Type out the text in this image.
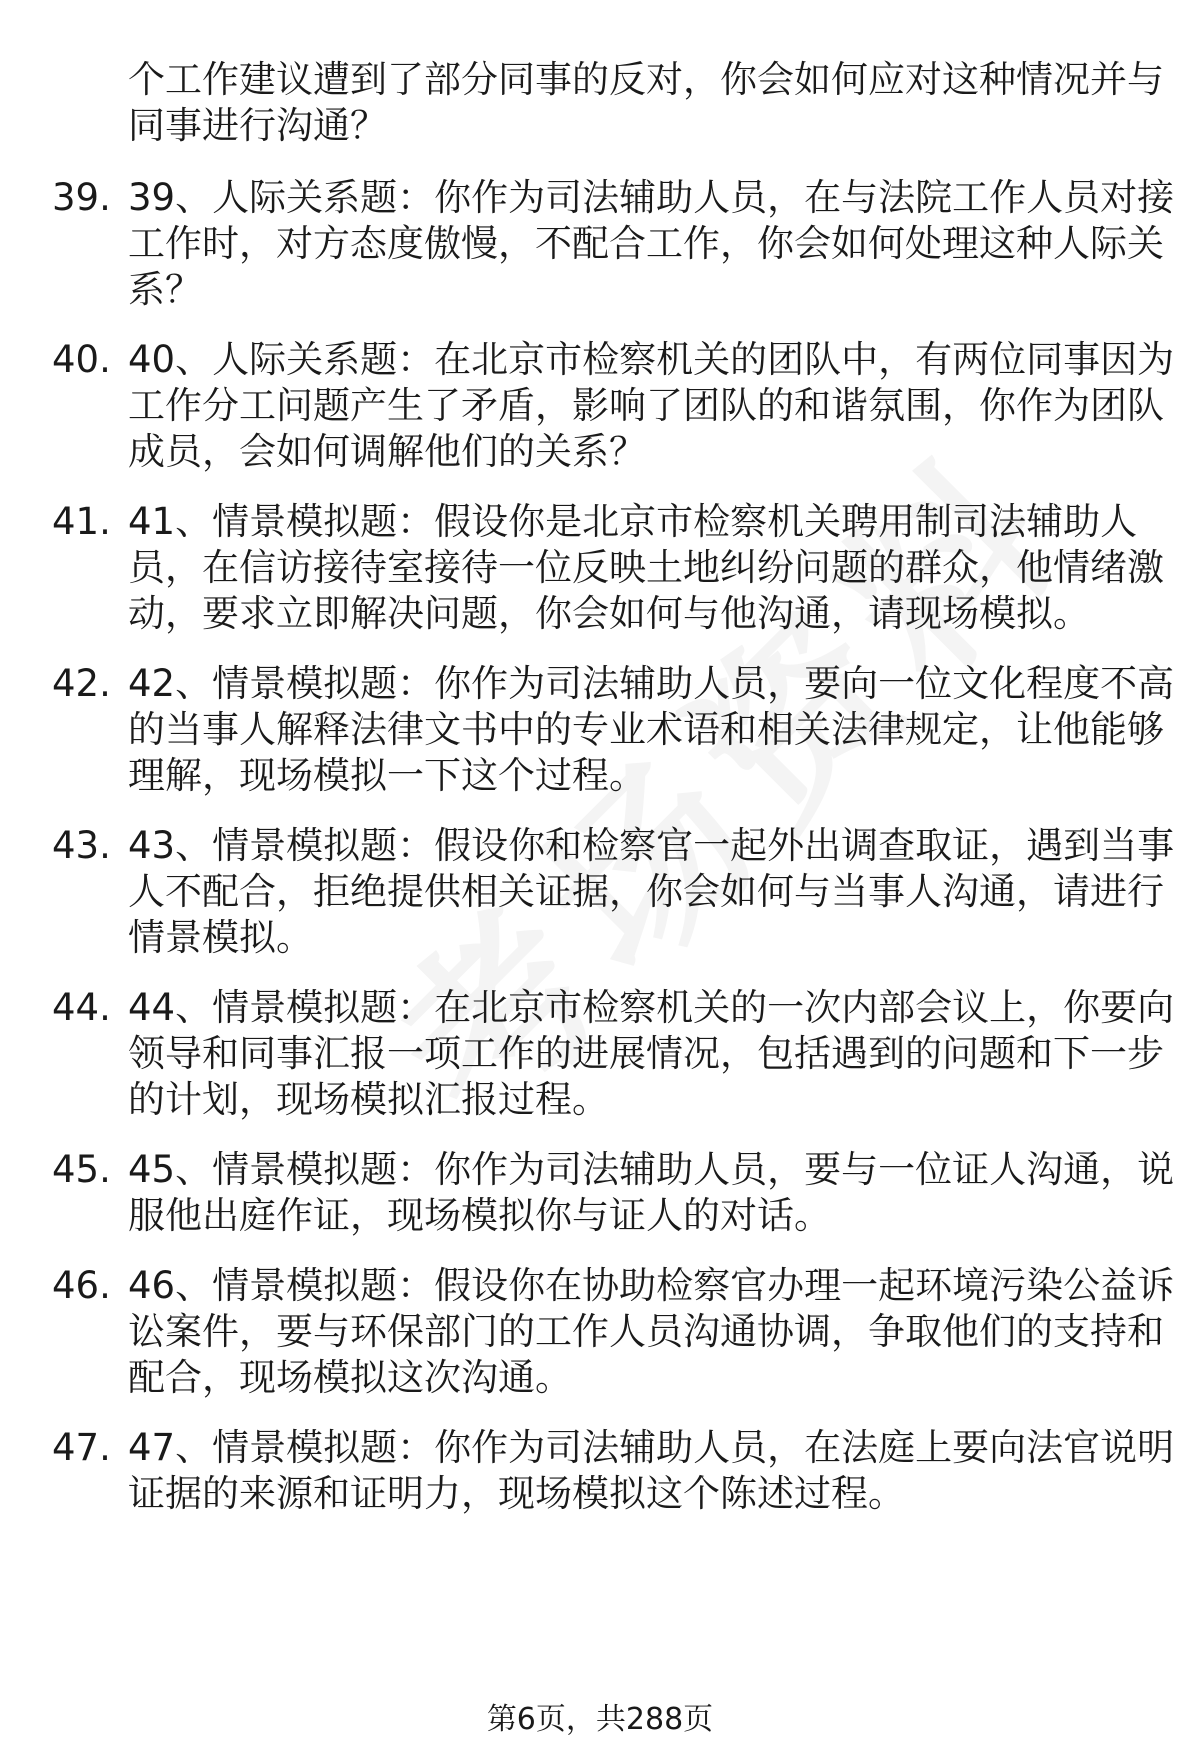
个工作建议遭到了部分同事的反对，你会如何应对这种情况并与
同事进行沟通？
39. 39、人际关系题：你作为司法辅助人员，在与法院工作人员对接
工作时，对方态度傲慢，不配合工作，你会如何处理这种人际关
系？
40. 40、人际关系题：在北京市检察机关的团队中，有两位同事因为
工作分工问题产生了矛盾，影响了团队的和谐氛围，你作为团队
成员，会如何调解他们的关系？
41. 41、情景模拟题：假设你是北京市检察机关聘用制司法辅助人
员，在信访接待室接待一位反映土地纠纷问题的群众，他情绪激
动，要求立即解决问题，你会如何与他沟通，请现场模拟。
42. 42、情景模拟题：你作为司法辅助人员，要向一位文化程度不高
的当事人解释法律文书中的专业术语和相关法律规定，让他能够
理解，现场模拟一下这个过程。
43. 43、情景模拟题：假设你和检察官一起外出调查取证，遇到当事
人不配合，拒绝提供相关证据，你会如何与当事人沟通，请进行
情景模拟。
44. 44、情景模拟题：在北京市检察机关的一次内部会议上，你要向
领导和同事汇报一项工作的进展情况，包括遇到的问题和下一步
的计划，现场模拟汇报过程。
45. 45、情景模拟题：你作为司法辅助人员，要与一位证人沟通，说
服他出庭作证，现场模拟你与证人的对话。
46. 46、情景模拟题：假设你在协助检察官办理一起环境污染公益诉
讼案件，要与环保部门的工作人员沟通协调，争取他们的支持和
配合，现场模拟这次沟通。
47. 47、情景模拟题：你作为司法辅助人员，在法庭上要向法官说明
证据的来源和证明力，现场模拟这个陈述过程。
第6页，共288页
